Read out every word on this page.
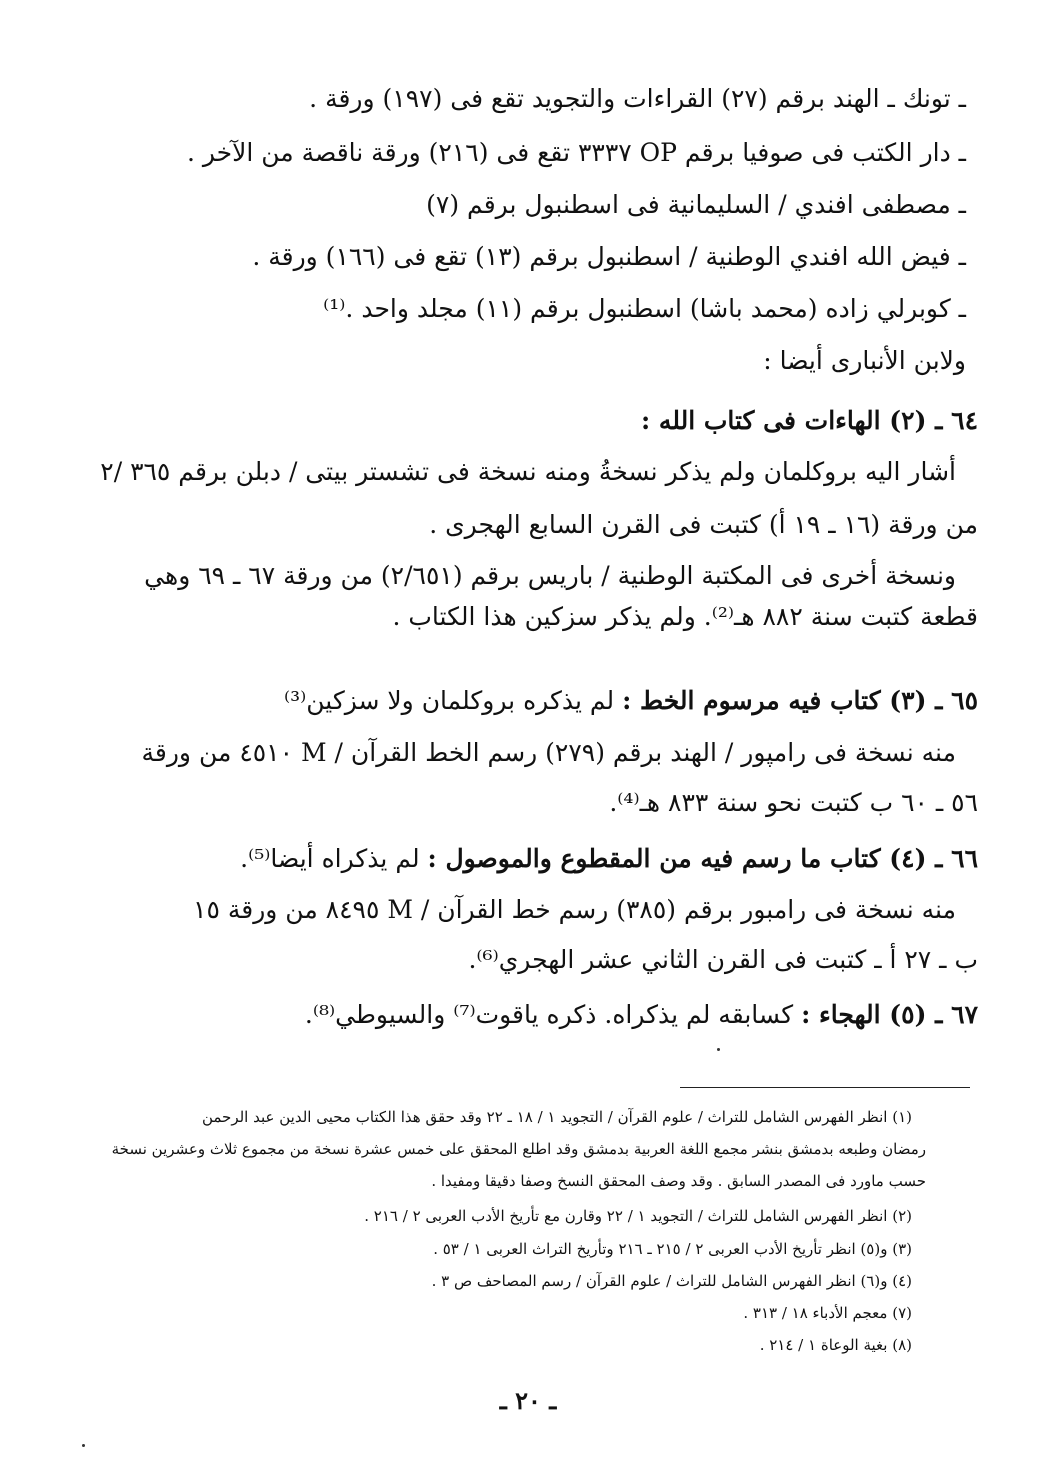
ـ تونك ـ الهند برقم (٢٧) القراءات والتجويد تقع فى (١٩٧) ورقة .
ـ دار الكتب فى صوفيا برقم OP ٣٣٣٧ تقع فى (٢١٦) ورقة ناقصة من الآخر .
ـ مصطفى افندي / السليمانية فى اسطنبول برقم (٧)
ـ فيض الله افندي الوطنية / اسطنبول برقم (١٣) تقع فى (١٦٦) ورقة .
ـ كوبرلي زاده (محمد باشا) اسطنبول برقم (١١) مجلد واحد .⁽¹⁾
ولابن الأنبارى أيضا :
٦٤ ـ (٢) الهاءات فى كتاب الله :
أشار اليه بروكلمان ولم يذكر نسخةُ ومنه نسخة فى تشستر بيتى / دبلن برقم ٣٦٥ /٢
من ورقة (١٦ ـ ١٩ أ) كتبت فى القرن السابع الهجرى .
ونسخة أخرى فى المكتبة الوطنية / باريس برقم (٢/٦٥١) من ورقة ٦٧ ـ ٦٩ وهي
قطعة كتبت سنة ٨٨٢ هـ⁽²⁾. ولم يذكر سزكين هذا الكتاب .
٦٥ ـ (٣) كتاب فيه مرسوم الخط : لم يذكره بروكلمان ولا سزكين⁽³⁾
منه نسخة فى رامپور / الهند برقم (٢٧٩) رسم الخط القرآن / M ٤٥١٠ من ورقة
٥٦ ـ ٦٠ ب كتبت نحو سنة ٨٣٣ هـ⁽⁴⁾.
٦٦ ـ (٤) كتاب ما رسم فيه من المقطوع والموصول : لم يذكراه أيضا⁽⁵⁾.
منه نسخة فى رامبور برقم (٣٨٥) رسم خط القرآن / M ٨٤٩٥ من ورقة ١٥
ب ـ ٢٧ أ ـ كتبت فى القرن الثاني عشر الهجري⁽⁶⁾.
٦٧ ـ (٥) الهجاء : كسابقه لم يذكراه. ذكره ياقوت⁽⁷⁾ والسيوطي⁽⁸⁾.
(١) انظر الفهرس الشامل للتراث / علوم القرآن / التجويد ١ / ١٨ ـ ٢٢ وقد حقق هذا الكتاب محيى الدين عبد الرحمن
رمضان وطبعه بدمشق بنشر مجمع اللغة العربية بدمشق وقد اطلع المحقق على خمس عشرة نسخة من مجموع ثلاث وعشرين نسخة
حسب ماورد فى المصدر السابق . وقد وصف المحقق النسخ وصفا دقيقا ومفيدا .
(٢) انظر الفهرس الشامل للتراث / التجويد ١ / ٢٢ وقارن مع تأريخ الأدب العربى ٢ / ٢١٦ .
(٣) و(٥) انظر تأريخ الأدب العربى ٢ / ٢١٥ ـ ٢١٦ وتأريخ التراث العربى ١ / ٥٣ .
(٤) و(٦) انظر الفهرس الشامل للتراث / علوم القرآن / رسم المصاحف ص ٣ .
(٧) معجم الأدباء ١٨ / ٣١٣ .
(٨) بغية الوعاة ١ / ٢١٤ .
ـ ٢٠ ـ
